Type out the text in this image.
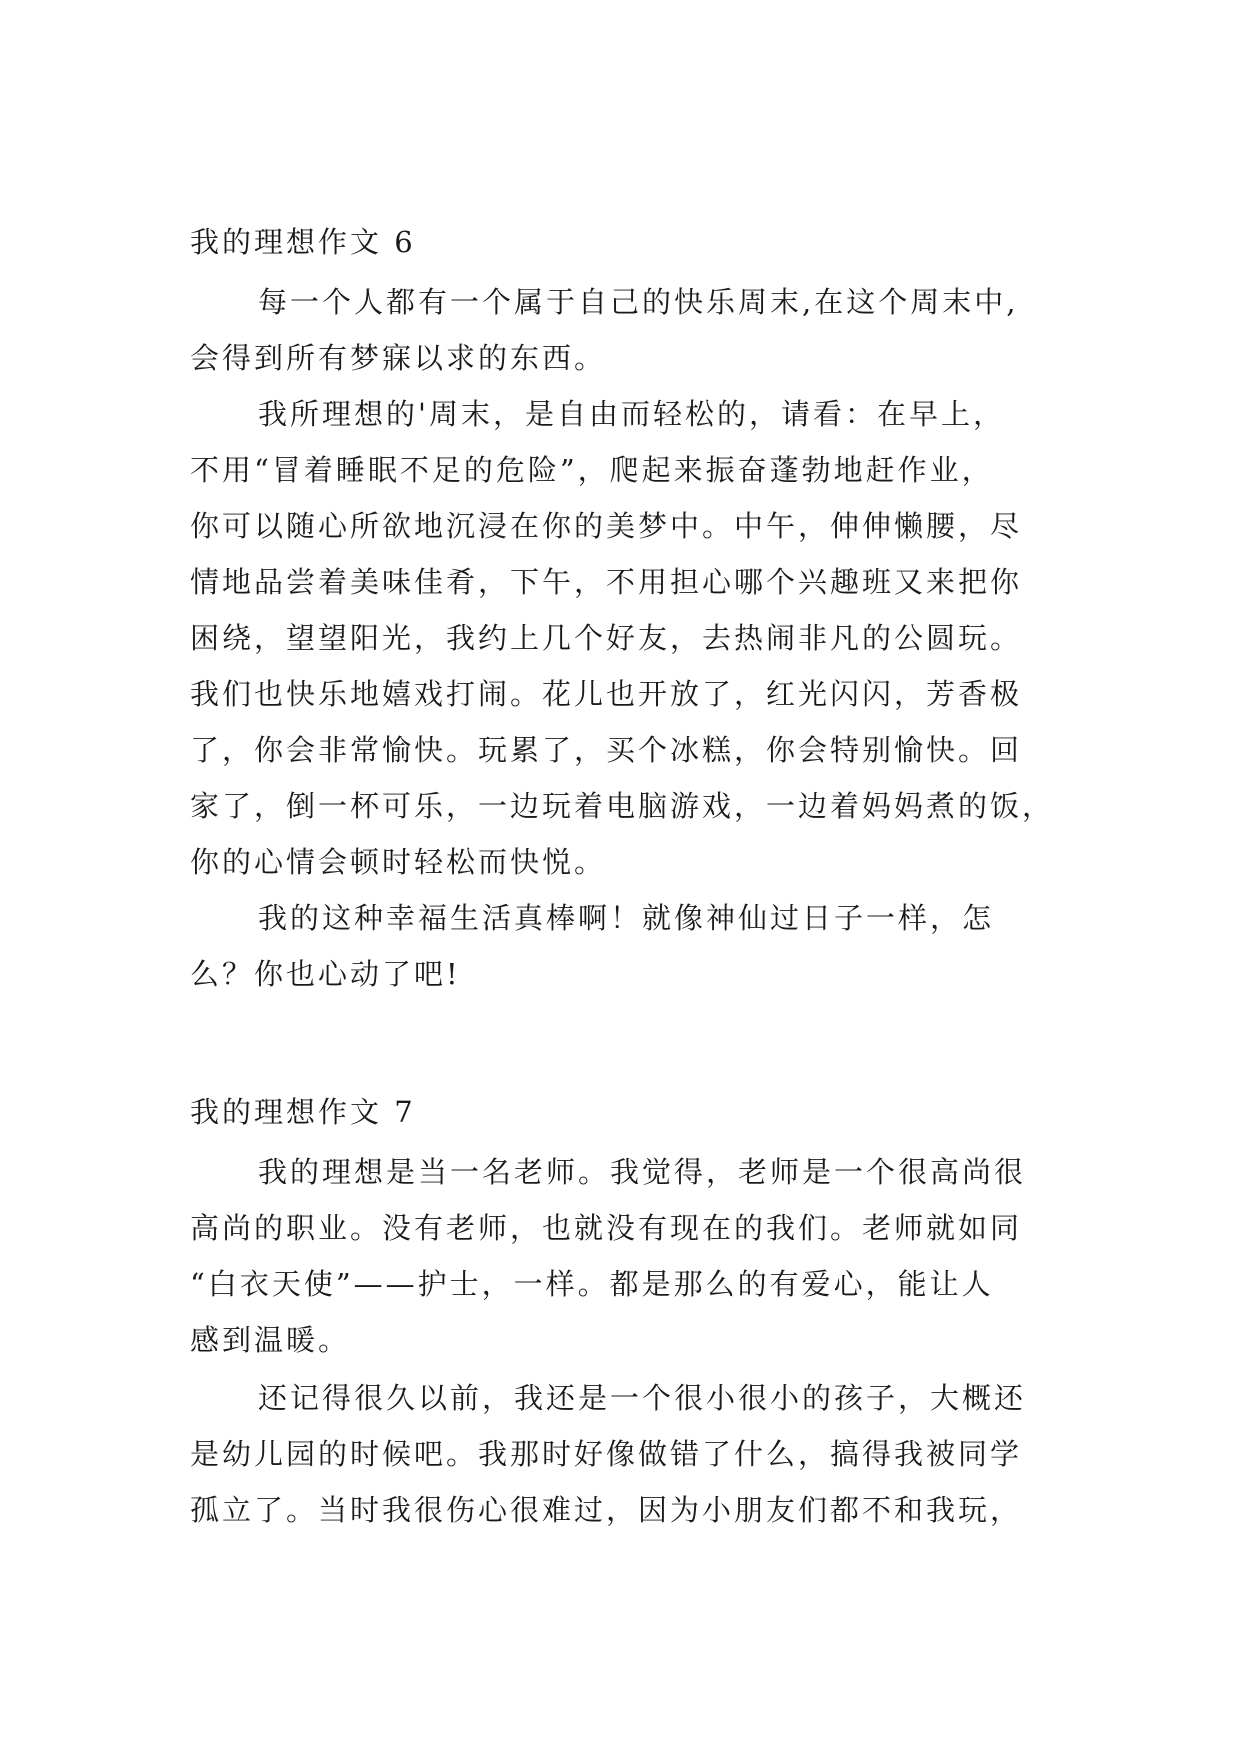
我的理想作文 6
每一个人都有一个属于自己的快乐周末,在这个周末中,
会得到所有梦寐以求的东西。
我所理想的'周末，是自由而轻松的，请看：在早上，
不用“冒着睡眠不足的危险”，爬起来振奋蓬勃地赶作业，
你可以随心所欲地沉浸在你的美梦中。中午，伸伸懒腰，尽
情地品尝着美味佳肴，下午，不用担心哪个兴趣班又来把你
困绕，望望阳光，我约上几个好友，去热闹非凡的公圆玩。
我们也快乐地嬉戏打闹。花儿也开放了，红光闪闪，芳香极
了，你会非常愉快。玩累了，买个冰糕，你会特别愉快。回
家了，倒一杯可乐，一边玩着电脑游戏，一边着妈妈煮的饭，
你的心情会顿时轻松而快悦。
我的这种幸福生活真棒啊！就像神仙过日子一样，怎
么？你也心动了吧!
我的理想作文 7
我的理想是当一名老师。我觉得，老师是一个很高尚很
高尚的职业。没有老师，也就没有现在的我们。老师就如同
“白衣天使”——护士，一样。都是那么的有爱心，能让人
感到温暖。
还记得很久以前，我还是一个很小很小的孩子，大概还
是幼儿园的时候吧。我那时好像做错了什么，搞得我被同学
孤立了。当时我很伤心很难过，因为小朋友们都不和我玩，
